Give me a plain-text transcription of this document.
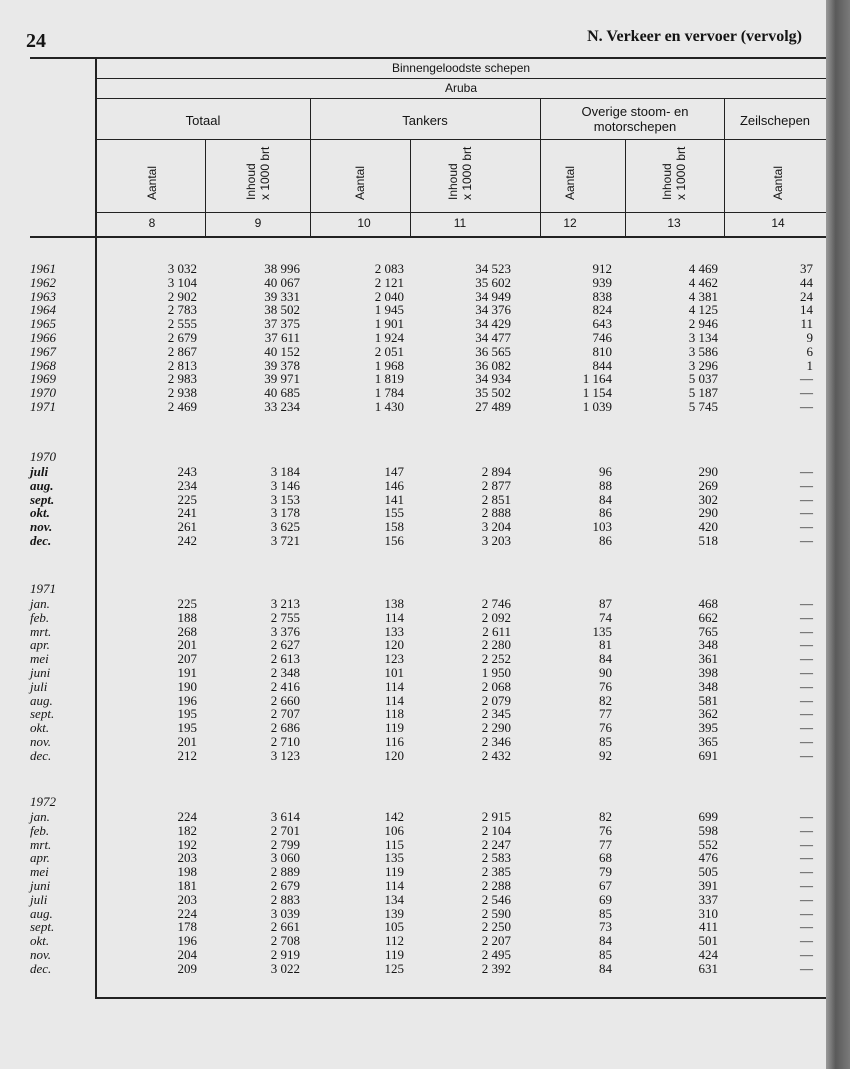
24	N. Verkeer en vervoer (vervolg)
Binnengeloodste schepen
Aruba
Totaal	Tankers
Overige stoom- en motorschepen	Zeilschepen
Aantal	Inhoud x 1000 brt	Aantal	Inhoud x 1000 brt	Aantal	Inhoud x 1000 brt	Aantal
8	9	10	11	12	13	14
1961	3 032	38 996	2 083	34 523	912	4 469	37
1962	3 104	40 067	2 121	35 602	939	4 462	44
1963	2 902	39 331	2 040	34 949	838	4 381	24
1964	2 783	38 502	1 945	34 376	824	4 125	14
1965	2 555	37 375	1 901	34 429	643	2 946	11
1966	2 679	37 611	1 924	34 477	746	3 134	9
1967	2 867	40 152	2 051	36 565	810	3 586	6
1968	2 813	39 378	1 968	36 082	844	3 296	1
1969	2 983	39 971	1 819	34 934	1 164	5 037	—
1970	2 938	40 685	1 784	35 502	1 154	5 187	—
1971	2 469	33 234	1 430	27 489	1 039	5 745	—
1970
juli	243	3 184	147	2 894	96	290	—
aug.	234	3 146	146	2 877	88	269	—
sept.	225	3 153	141	2 851	84	302	—
okt.	241	3 178	155	2 888	86	290	—
nov.	261	3 625	158	3 204	103	420	—
dec.	242	3 721	156	3 203	86	518	—
1971
jan.	225	3 213	138	2 746	87	468	—
feb.	188	2 755	114	2 092	74	662	—
mrt.	268	3 376	133	2 611	135	765	—
apr.	201	2 627	120	2 280	81	348	—
mei	207	2 613	123	2 252	84	361	—
juni	191	2 348	101	1 950	90	398	—
juli	190	2 416	114	2 068	76	348	—
aug.	196	2 660	114	2 079	82	581	—
sept.	195	2 707	118	2 345	77	362	—
okt.	195	2 686	119	2 290	76	395	—
nov.	201	2 710	116	2 346	85	365	—
dec.	212	3 123	120	2 432	92	691	—
1972
jan.	224	3 614	142	2 915	82	699	—
feb.	182	2 701	106	2 104	76	598	—
mrt.	192	2 799	115	2 247	77	552	—
apr.	203	3 060	135	2 583	68	476	—
mei	198	2 889	119	2 385	79	505	—
juni	181	2 679	114	2 288	67	391	—
juli	203	2 883	134	2 546	69	337	—
aug.	224	3 039	139	2 590	85	310	—
sept.	178	2 661	105	2 250	73	411	—
okt.	196	2 708	112	2 207	84	501	—
nov.	204	2 919	119	2 495	85	424	—
dec.	209	3 022	125	2 392	84	631	—
